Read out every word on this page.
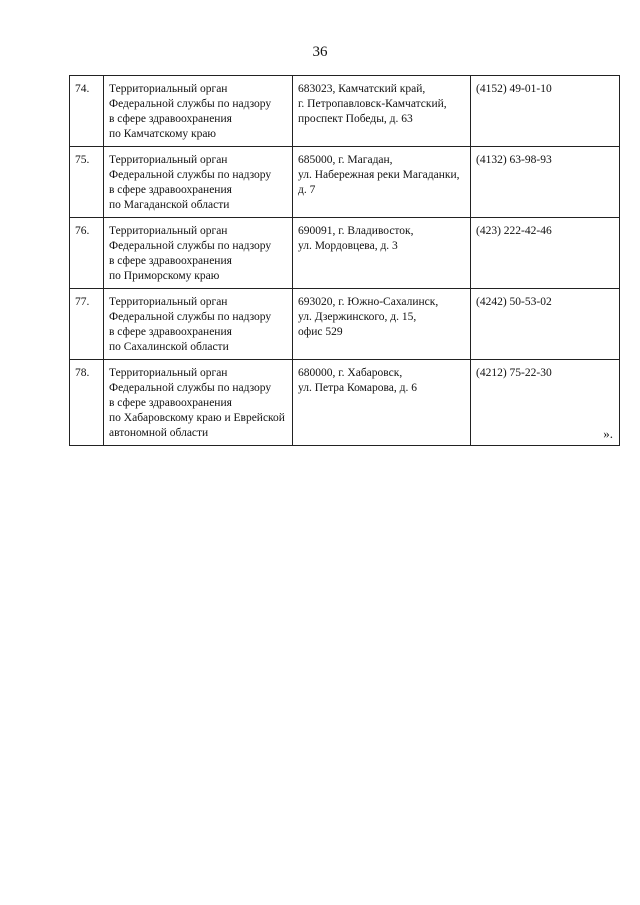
36
74.	Территориальный орган
Федеральной службы по надзору
в сфере здравоохранения
по Камчатскому краю	683023, Камчатский край,
г. Петропавловск-Камчатский,
проспект Победы, д. 63	(4152) 49-01-10
75.	Территориальный орган
Федеральной службы по надзору
в сфере здравоохранения
по Магаданской области	685000, г. Магадан,
ул. Набережная реки Магаданки,
д. 7	(4132) 63-98-93
76.	Территориальный орган
Федеральной службы по надзору
в сфере здравоохранения
по Приморскому краю	690091, г. Владивосток,
ул. Мордовцева, д. 3	(423) 222-42-46
77.	Территориальный орган
Федеральной службы по надзору
в сфере здравоохранения
по Сахалинской области	693020, г. Южно-Сахалинск,
ул. Дзержинского, д. 15,
офис 529	(4242) 50-53-02
78.	Территориальный орган
Федеральной службы по надзору
в сфере здравоохранения
по Хабаровскому краю и Еврейской
автономной области	680000, г. Хабаровск,
ул. Петра Комарова, д. 6	(4212) 75-22-30
».
